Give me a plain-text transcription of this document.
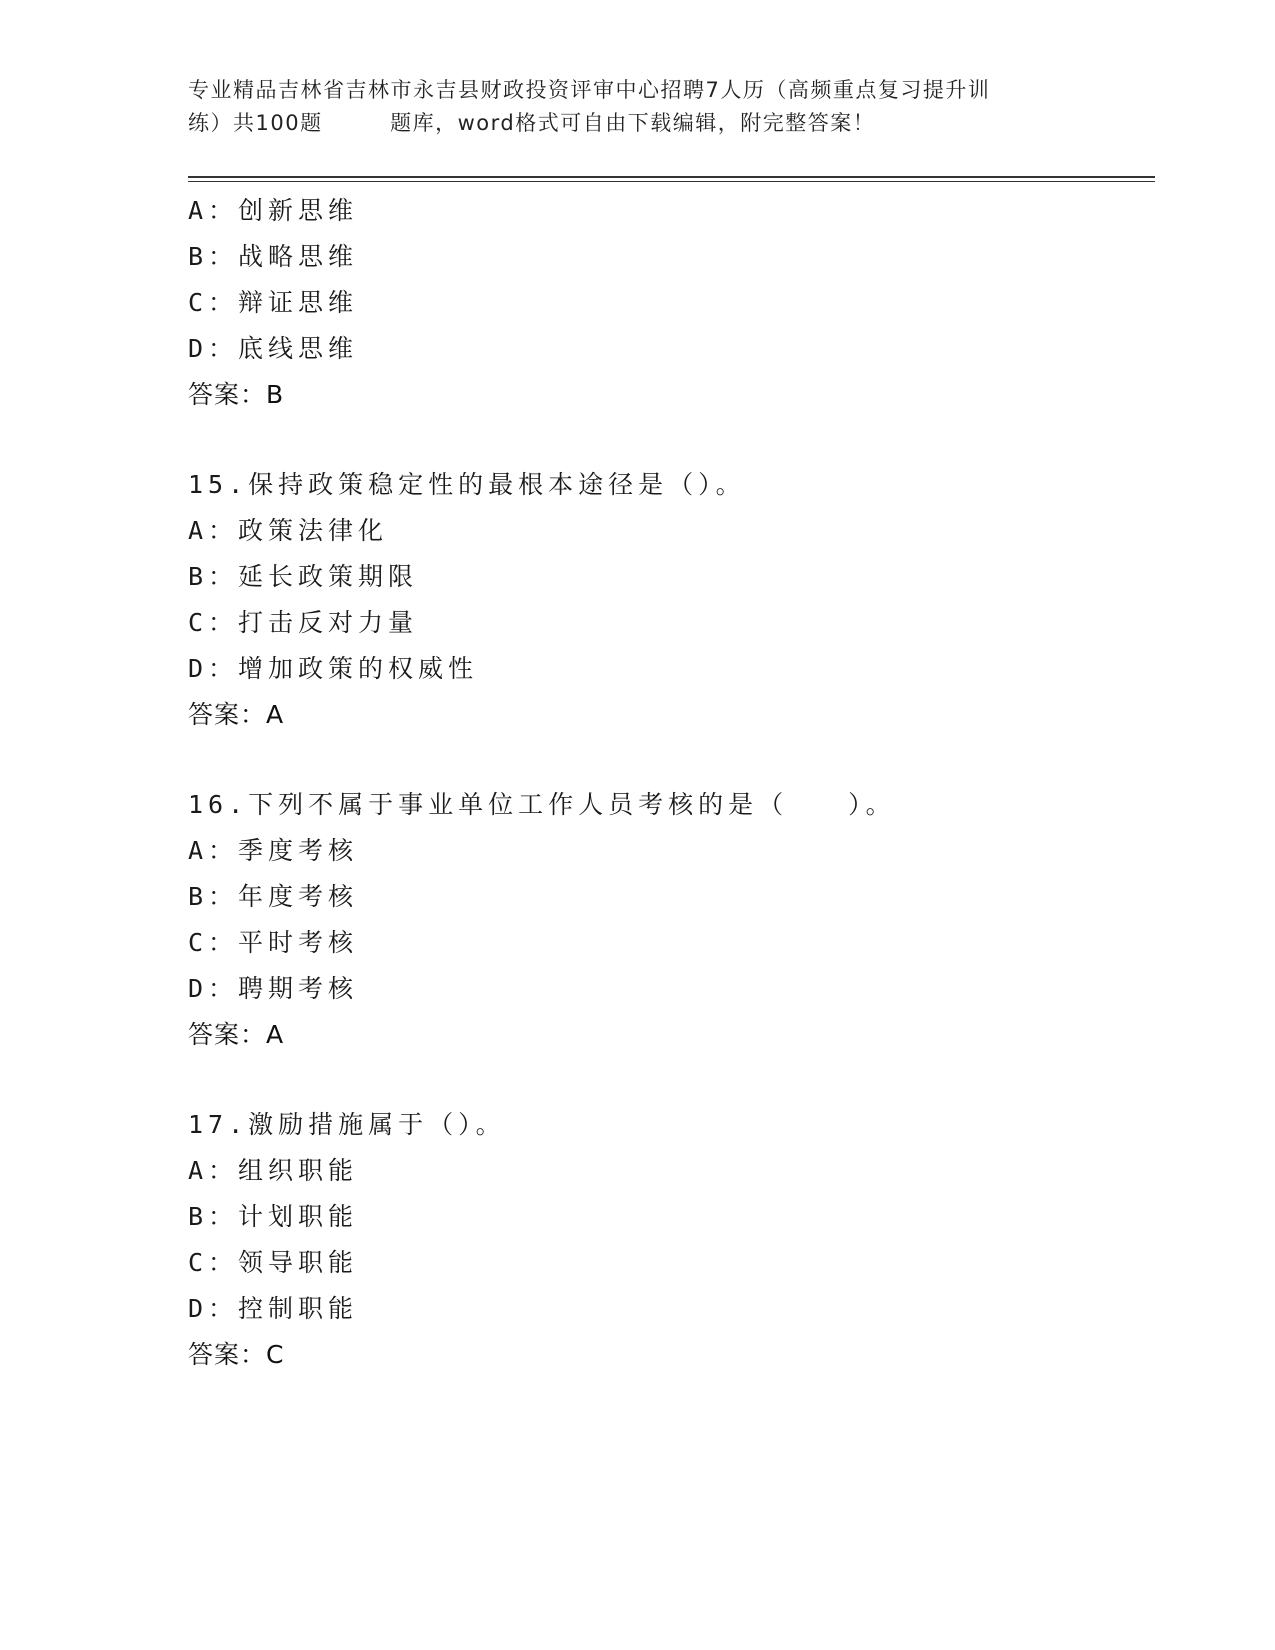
专业精品吉林省吉林市永吉县财政投资评审中心招聘7人历（高频重点复习提升训
练）共100题　　　题库，word格式可自由下载编辑，附完整答案！
A：创新思维
B：战略思维
C：辩证思维
D：底线思维
答案：B
15.保持政策稳定性的最根本途径是（）。
A：政策法律化
B：延长政策期限
C：打击反对力量
D：增加政策的权威性
答案：A
16.下列不属于事业单位工作人员考核的是（　　）。
A：季度考核
B：年度考核
C：平时考核
D：聘期考核
答案：A
17.激励措施属于（）。
A：组织职能
B：计划职能
C：领导职能
D：控制职能
答案：C
